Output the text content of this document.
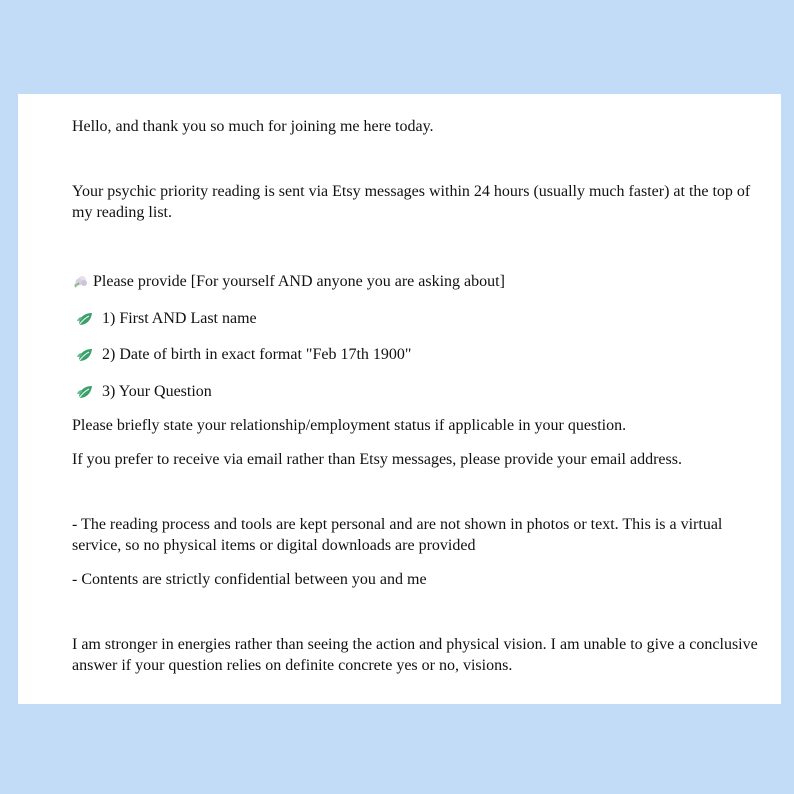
Hello, and thank you so much for joining me here today.

Your psychic priority reading is sent via Etsy messages within 24 hours (usually much faster) at the top of my reading list.

Please provide [For yourself AND anyone you are asking about]
1) First AND Last name
2) Date of birth in exact format "Feb 17th 1900"
3) Your Question

Please briefly state your relationship/employment status if applicable in your question.

If you prefer to receive via email rather than Etsy messages, please provide your email address.

- The reading process and tools are kept personal and are not shown in photos or text. This is a virtual service, so no physical items or digital downloads are provided

- Contents are strictly confidential between you and me

I am stronger in energies rather than seeing the action and physical vision. I am unable to give a conclusive answer if your question relies on definite concrete yes or no, visions.
